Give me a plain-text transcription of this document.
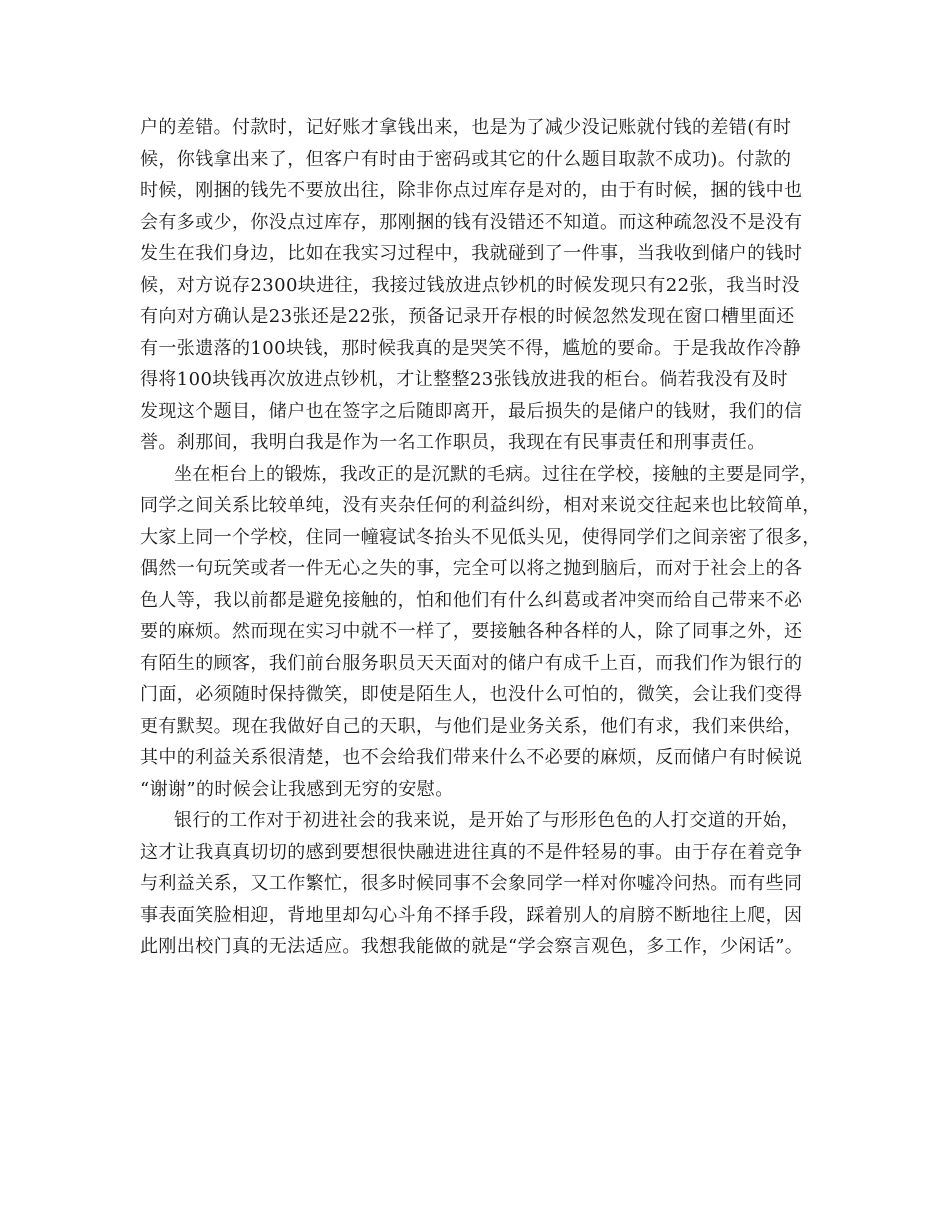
户的差错。付款时，记好账才拿钱出来，也是为了减少没记账就付钱的差错(有时
候，你钱拿出来了，但客户有时由于密码或其它的什么题目取款不成功)。付款的
时候，刚捆的钱先不要放出往，除非你点过库存是对的，由于有时候，捆的钱中也
会有多或少，你没点过库存，那刚捆的钱有没错还不知道。而这种疏忽没不是没有
发生在我们身边，比如在我实习过程中，我就碰到了一件事，当我收到储户的钱时
候，对方说存2300块进往，我接过钱放进点钞机的时候发现只有22张，我当时没
有向对方确认是23张还是22张，预备记录开存根的时候忽然发现在窗口槽里面还
有一张遗落的100块钱，那时候我真的是哭笑不得，尴尬的要命。于是我故作冷静
得将100块钱再次放进点钞机，才让整整23张钱放进我的柜台。倘若我没有及时
发现这个题目，储户也在签字之后随即离开，最后损失的是储户的钱财，我们的信
誉。刹那间，我明白我是作为一名工作职员，我现在有民事责任和刑事责任。
坐在柜台上的锻炼，我改正的是沉默的毛病。过往在学校，接触的主要是同学，
同学之间关系比较单纯，没有夹杂任何的利益纠纷，相对来说交往起来也比较简单，
大家上同一个学校，住同一幢寝试冬抬头不见低头见，使得同学们之间亲密了很多，
偶然一句玩笑或者一件无心之失的事，完全可以将之抛到脑后，而对于社会上的各
色人等，我以前都是避免接触的，怕和他们有什么纠葛或者冲突而给自己带来不必
要的麻烦。然而现在实习中就不一样了，要接触各种各样的人，除了同事之外，还
有陌生的顾客，我们前台服务职员天天面对的储户有成千上百，而我们作为银行的
门面，必须随时保持微笑，即使是陌生人，也没什么可怕的，微笑，会让我们变得
更有默契。现在我做好自己的天职，与他们是业务关系，他们有求，我们来供给，
其中的利益关系很清楚，也不会给我们带来什么不必要的麻烦，反而储户有时候说
“谢谢”的时候会让我感到无穷的安慰。
银行的工作对于初进社会的我来说，是开始了与形形色色的人打交道的开始，
这才让我真真切切的感到要想很快融进进往真的不是件轻易的事。由于存在着竞争
与利益关系，又工作繁忙，很多时候同事不会象同学一样对你嘘冷问热。而有些同
事表面笑脸相迎，背地里却勾心斗角不择手段，踩着别人的肩膀不断地往上爬，因
此刚出校门真的无法适应。我想我能做的就是“学会察言观色，多工作，少闲话”。
